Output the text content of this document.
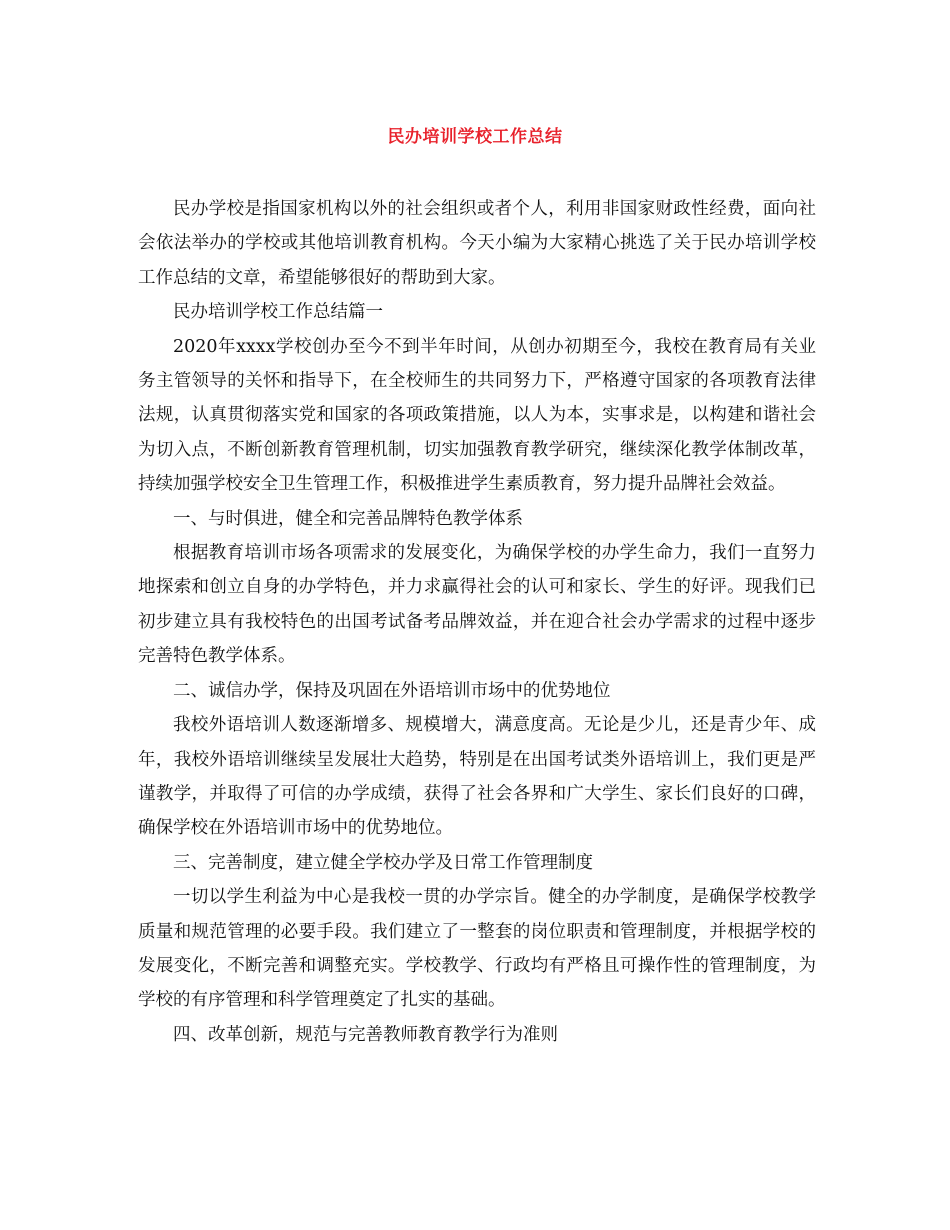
民办培训学校工作总结

民办学校是指国家机构以外的社会组织或者个人，利用非国家财政性经费，面向社会依法举办的学校或其他培训教育机构。今天小编为大家精心挑选了关于民办培训学校工作总结的文章，希望能够很好的帮助到大家。

民办培训学校工作总结篇一

2020年xxxx学校创办至今不到半年时间，从创办初期至今，我校在教育局有关业务主管领导的关怀和指导下，在全校师生的共同努力下，严格遵守国家的各项教育法律法规，认真贯彻落实党和国家的各项政策措施，以人为本，实事求是，以构建和谐社会为切入点，不断创新教育管理机制，切实加强教育教学研究，继续深化教学体制改革，持续加强学校安全卫生管理工作，积极推进学生素质教育，努力提升品牌社会效益。

一、与时俱进，健全和完善品牌特色教学体系

根据教育培训市场各项需求的发展变化，为确保学校的办学生命力，我们一直努力地探索和创立自身的办学特色，并力求赢得社会的认可和家长、学生的好评。现我们已初步建立具有我校特色的出国考试备考品牌效益，并在迎合社会办学需求的过程中逐步完善特色教学体系。

二、诚信办学，保持及巩固在外语培训市场中的优势地位

我校外语培训人数逐渐增多、规模增大，满意度高。无论是少儿，还是青少年、成年，我校外语培训继续呈发展壮大趋势，特别是在出国考试类外语培训上，我们更是严谨教学，并取得了可信的办学成绩，获得了社会各界和广大学生、家长们良好的口碑，确保学校在外语培训市场中的优势地位。

三、完善制度，建立健全学校办学及日常工作管理制度

一切以学生利益为中心是我校一贯的办学宗旨。健全的办学制度，是确保学校教学质量和规范管理的必要手段。我们建立了一整套的岗位职责和管理制度，并根据学校的发展变化，不断完善和调整充实。学校教学、行政均有严格且可操作性的管理制度，为学校的有序管理和科学管理奠定了扎实的基础。

四、改革创新，规范与完善教师教育教学行为准则
